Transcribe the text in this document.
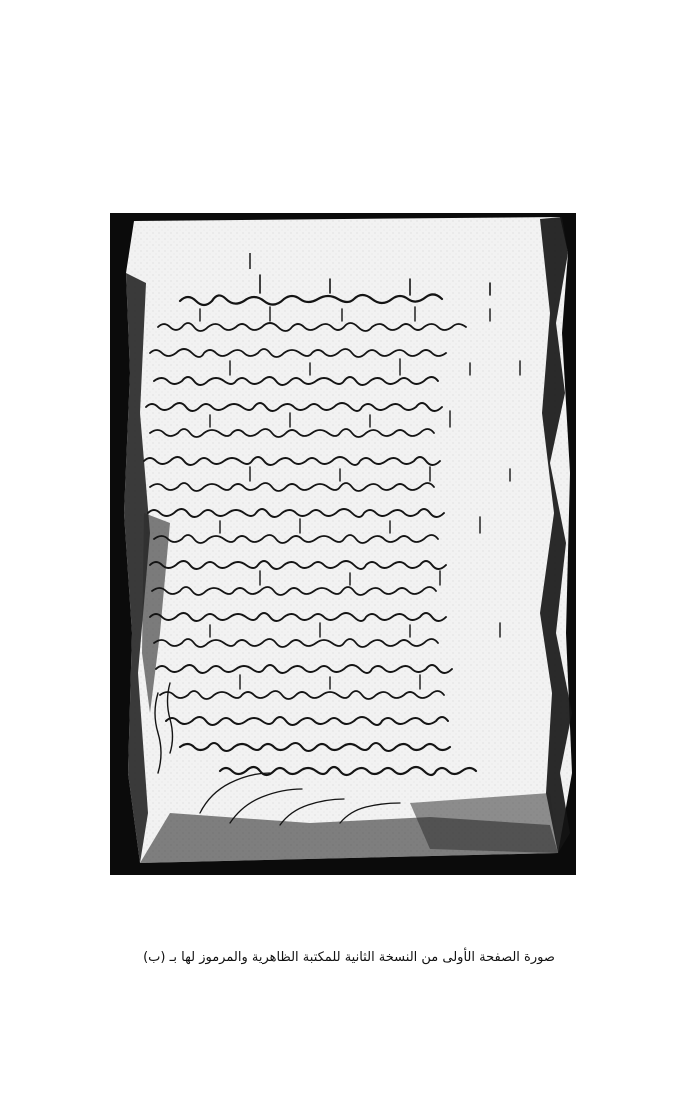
صورة الصفحة الأولى من النسخة الثانية للمكتبة الظاهرية والمرموز لها بـ (ب)
